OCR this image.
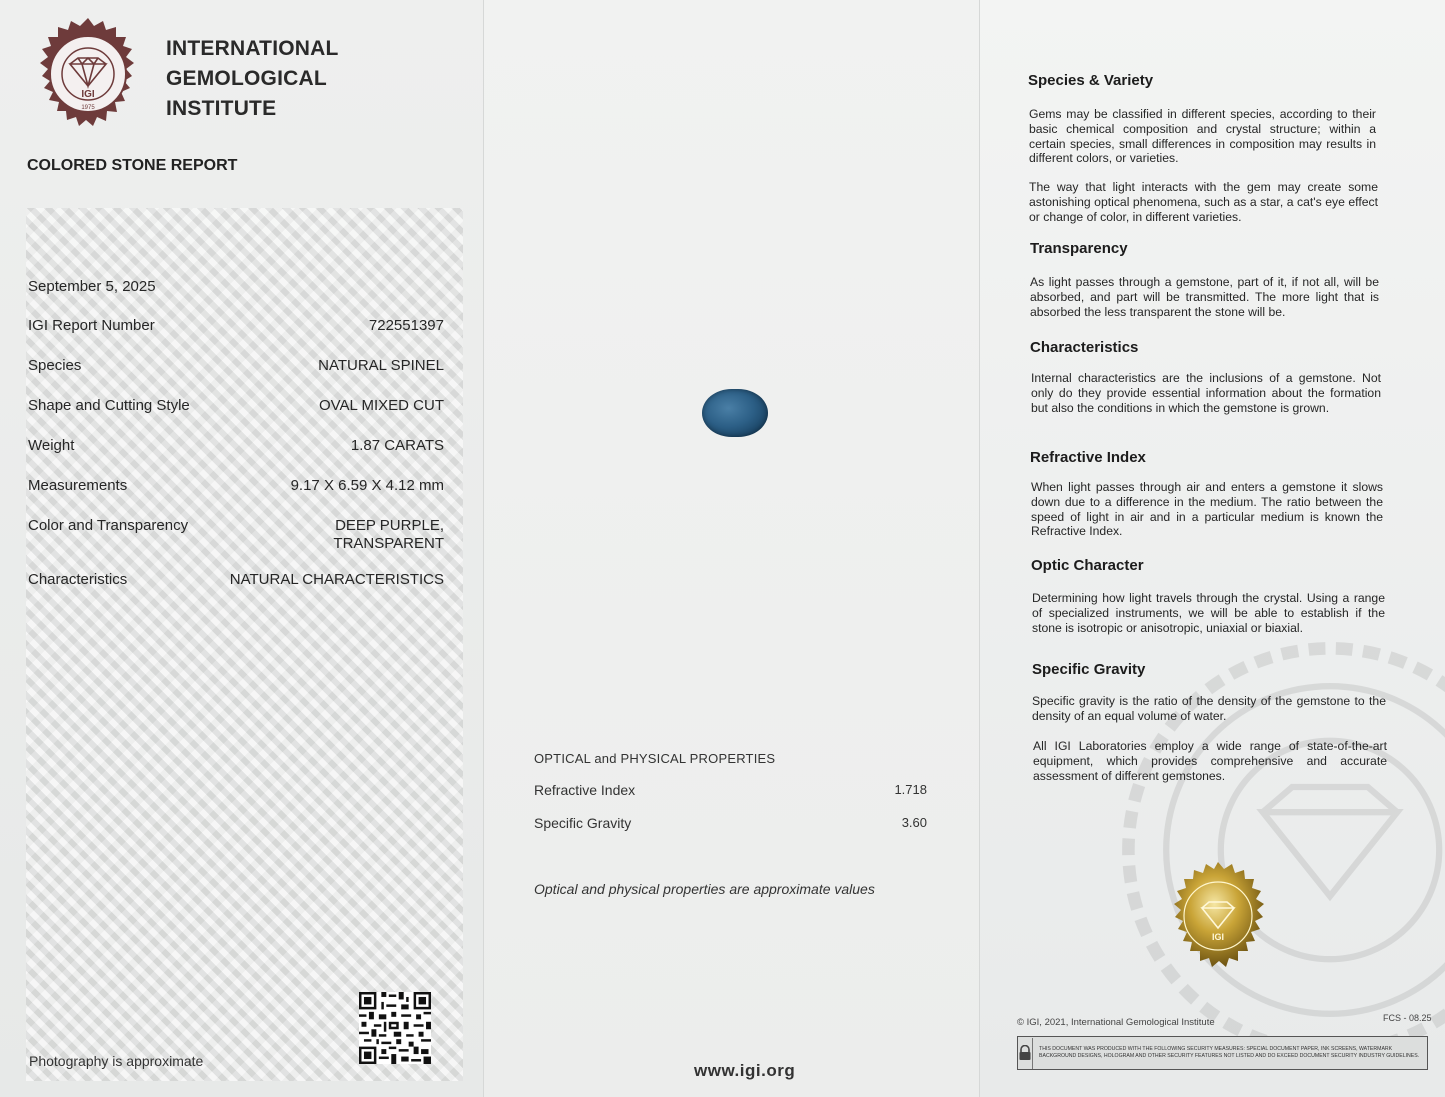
IGI
1975
INTERNATIONAL
GEMOLOGICAL
INSTITUTE
COLORED STONE REPORT
September 5, 2025
IGI Report Number	722551397
Species	NATURAL SPINEL
Shape and Cutting Style	OVAL MIXED CUT
Weight	1.87 CARATS
Measurements	9.17 X 6.59 X 4.12 mm
Color and Transparency	DEEP PURPLE,
TRANSPARENT
Characteristics	NATURAL CHARACTERISTICS
Photography is approximate
OPTICAL and PHYSICAL PROPERTIES
Refractive Index	1.718
Specific Gravity	3.60
Optical and physical properties are approximate values
www.igi.org
Species & Variety
Gems may be classified in different species, according to their basic chemical composition and crystal structure; within a certain species, small differences in composition may results in different colors, or varieties.
The way that light interacts with the gem may create some astonishing optical phenomena, such as a star, a cat's eye effect or change of color, in different varieties.
Transparency
As light passes through a gemstone, part of it, if not all, will be absorbed, and part will be transmitted. The more light that is absorbed the less transparent the stone will be.
Characteristics
Internal characteristics are the inclusions of a gemstone. Not only do they provide essential information about the formation but also the conditions in which the gemstone is grown.
Refractive Index
When light passes through air and enters a gemstone it slows down due to a difference in the medium. The ratio between the speed of light in air and in a particular medium is known the Refractive Index.
Optic Character
Determining how light travels through the crystal. Using a range of specialized instruments, we will be able to establish if the stone is isotropic or anisotropic, uniaxial or biaxial.
Specific Gravity
Specific gravity is the ratio of the density of the gemstone to the density of an equal volume of water.
All IGI Laboratories employ a wide range of state-of-the-art equipment, which provides comprehensive and accurate assessment of different gemstones.
IGI
© IGI, 2021, International Gemological Institute	FCS - 08.25
THIS DOCUMENT WAS PRODUCED WITH THE FOLLOWING SECURITY MEASURES: SPECIAL DOCUMENT PAPER, INK SCREENS, WATERMARK BACKGROUND DESIGNS, HOLOGRAM AND OTHER SECURITY FEATURES NOT LISTED AND DO EXCEED DOCUMENT SECURITY INDUSTRY GUIDELINES.
